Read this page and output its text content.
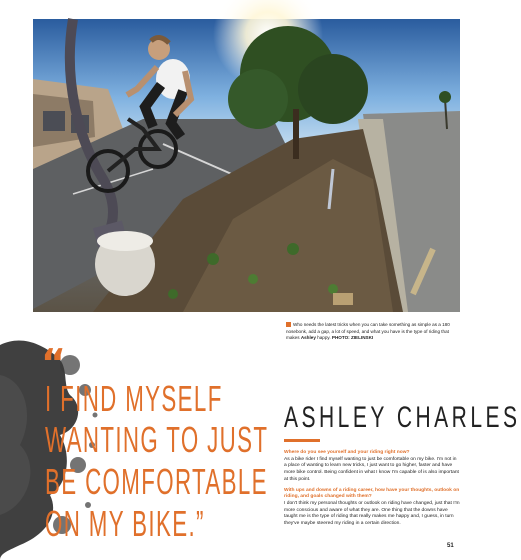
Who needs the latest tricks when you can take something as simple as a 180 nosebonk, add a gap, a lot of speed, and what you have is the type of riding that makes Ashley happy. PHOTO: ZIELINSKI
“
I FIND MYSELF
WANTING TO JUST
BE COMFORTABLE
ON MY BIKE.”
ASHLEY CHARLES

Where do you see yourself and your riding right now?
As a bike rider I find myself wanting to just be comfortable on my bike. I'm not in a place of wanting to learn new tricks, I just want to go higher, faster and have more bike control. Being confident in what I know I'm capable of is also important at this point.

With ups and downs of a riding career, how have your thoughts, outlook on riding, and goals changed with them?
I don't think my personal thoughts or outlook on riding have changed, just that I'm more conscious and aware of what they are. One thing that the downs have taught me is the type of riding that really makes me happy and, I guess, in turn they've maybe steered my riding in a certain direction.

51
